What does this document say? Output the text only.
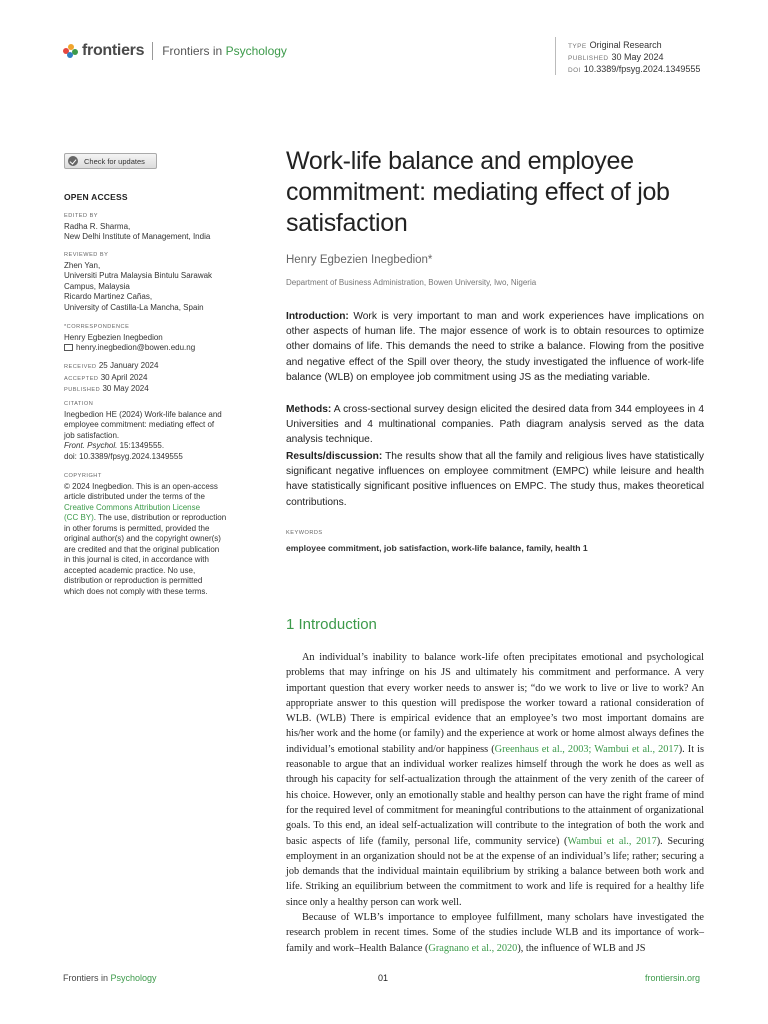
frontiers Frontiers in Psychology	TYPE Original Research
PUBLISHED 30 May 2024
DOI 10.3389/fpsyg.2024.1349555
Check for updates
OPEN ACCESS
EDITED BY
Radha R. Sharma,
New Delhi Institute of Management, India
REVIEWED BY
Zhen Yan,
Universiti Putra Malaysia Bintulu Sarawak
Campus, Malaysia
Ricardo Martinez Cañas,
University of Castilla-La Mancha, Spain
*CORRESPONDENCE
Henry Egbezien Inegbedion
henry.inegbedion@bowen.edu.ng
RECEIVED 25 January 2024
ACCEPTED 30 April 2024
PUBLISHED 30 May 2024
CITATION
Inegbedion HE (2024) Work-life balance and
employee commitment: mediating effect of
job satisfaction.
Front. Psychol. 15:1349555.
doi: 10.3389/fpsyg.2024.1349555
COPYRIGHT
© 2024 Inegbedion. This is an open-access
article distributed under the terms of the
Creative Commons Attribution License
(CC BY). The use, distribution or reproduction
in other forums is permitted, provided the
original author(s) and the copyright owner(s)
are credited and that the original publication
in this journal is cited, in accordance with
accepted academic practice. No use,
distribution or reproduction is permitted
which does not comply with these terms.
Work-life balance and employee commitment: mediating effect of job satisfaction
Henry Egbezien Inegbedion*
Department of Business Administration, Bowen University, Iwo, Nigeria
Introduction: Work is very important to man and work experiences have implications on other aspects of human life. The major essence of work is to obtain resources to optimize other domains of life. This demands the need to strike a balance. Flowing from the positive and negative effect of the Spill over theory, the study investigated the influence of work-life balance (WLB) on employee job commitment using JS as the mediating variable.
Methods: A cross-sectional survey design elicited the desired data from 344 employees in 4 Universities and 4 multinational companies. Path diagram analysis served as the data analysis technique.
Results/discussion: The results show that all the family and religious lives have statistically significant negative influences on employee commitment (EMPC) while leisure and health have statistically significant positive influences on EMPC. The study thus, makes theoretical contributions.
KEYWORDS
employee commitment, job satisfaction, work-life balance, family, health 1
1 Introduction
An individual’s inability to balance work-life often precipitates emotional and psychological problems that may infringe on his JS and ultimately his commitment and performance. A very important question that every worker needs to answer is; “do we work to live or live to work? An appropriate answer to this question will predispose the worker toward a rational consideration of WLB. (WLB) There is empirical evidence that an employee’s two most important domains are his/her work and the home (or family) and the experience at work or home almost always defines the individual’s emotional stability and/or happiness (Greenhaus et al., 2003; Wambui et al., 2017). It is reasonable to argue that an individual worker realizes himself through the work he does as well as through his capacity for self-actualization through the attainment of the very zenith of the career of his choice. However, only an emotionally stable and healthy person can have the right frame of mind for the required level of commitment for meaningful contributions to the attainment of organizational goals. To this end, an ideal self-actualization will contribute to the integration of both the work and basic aspects of life (family, personal life, community service) (Wambui et al., 2017). Securing employment in an organization should not be at the expense of an individual’s life; rather; securing a job demands that the individual maintain equilibrium by striking a balance between both work and life. Striking an equilibrium between the commitment to work and life is required for a healthy life since only a healthy person can work well.
Because of WLB’s importance to employee fulfillment, many scholars have investigated the research problem in recent times. Some of the studies include WLB and its importance of work–family and work–Health Balance (Gragnano et al., 2020), the influence of WLB and JS
Frontiers in Psychology	01	frontiersin.org
